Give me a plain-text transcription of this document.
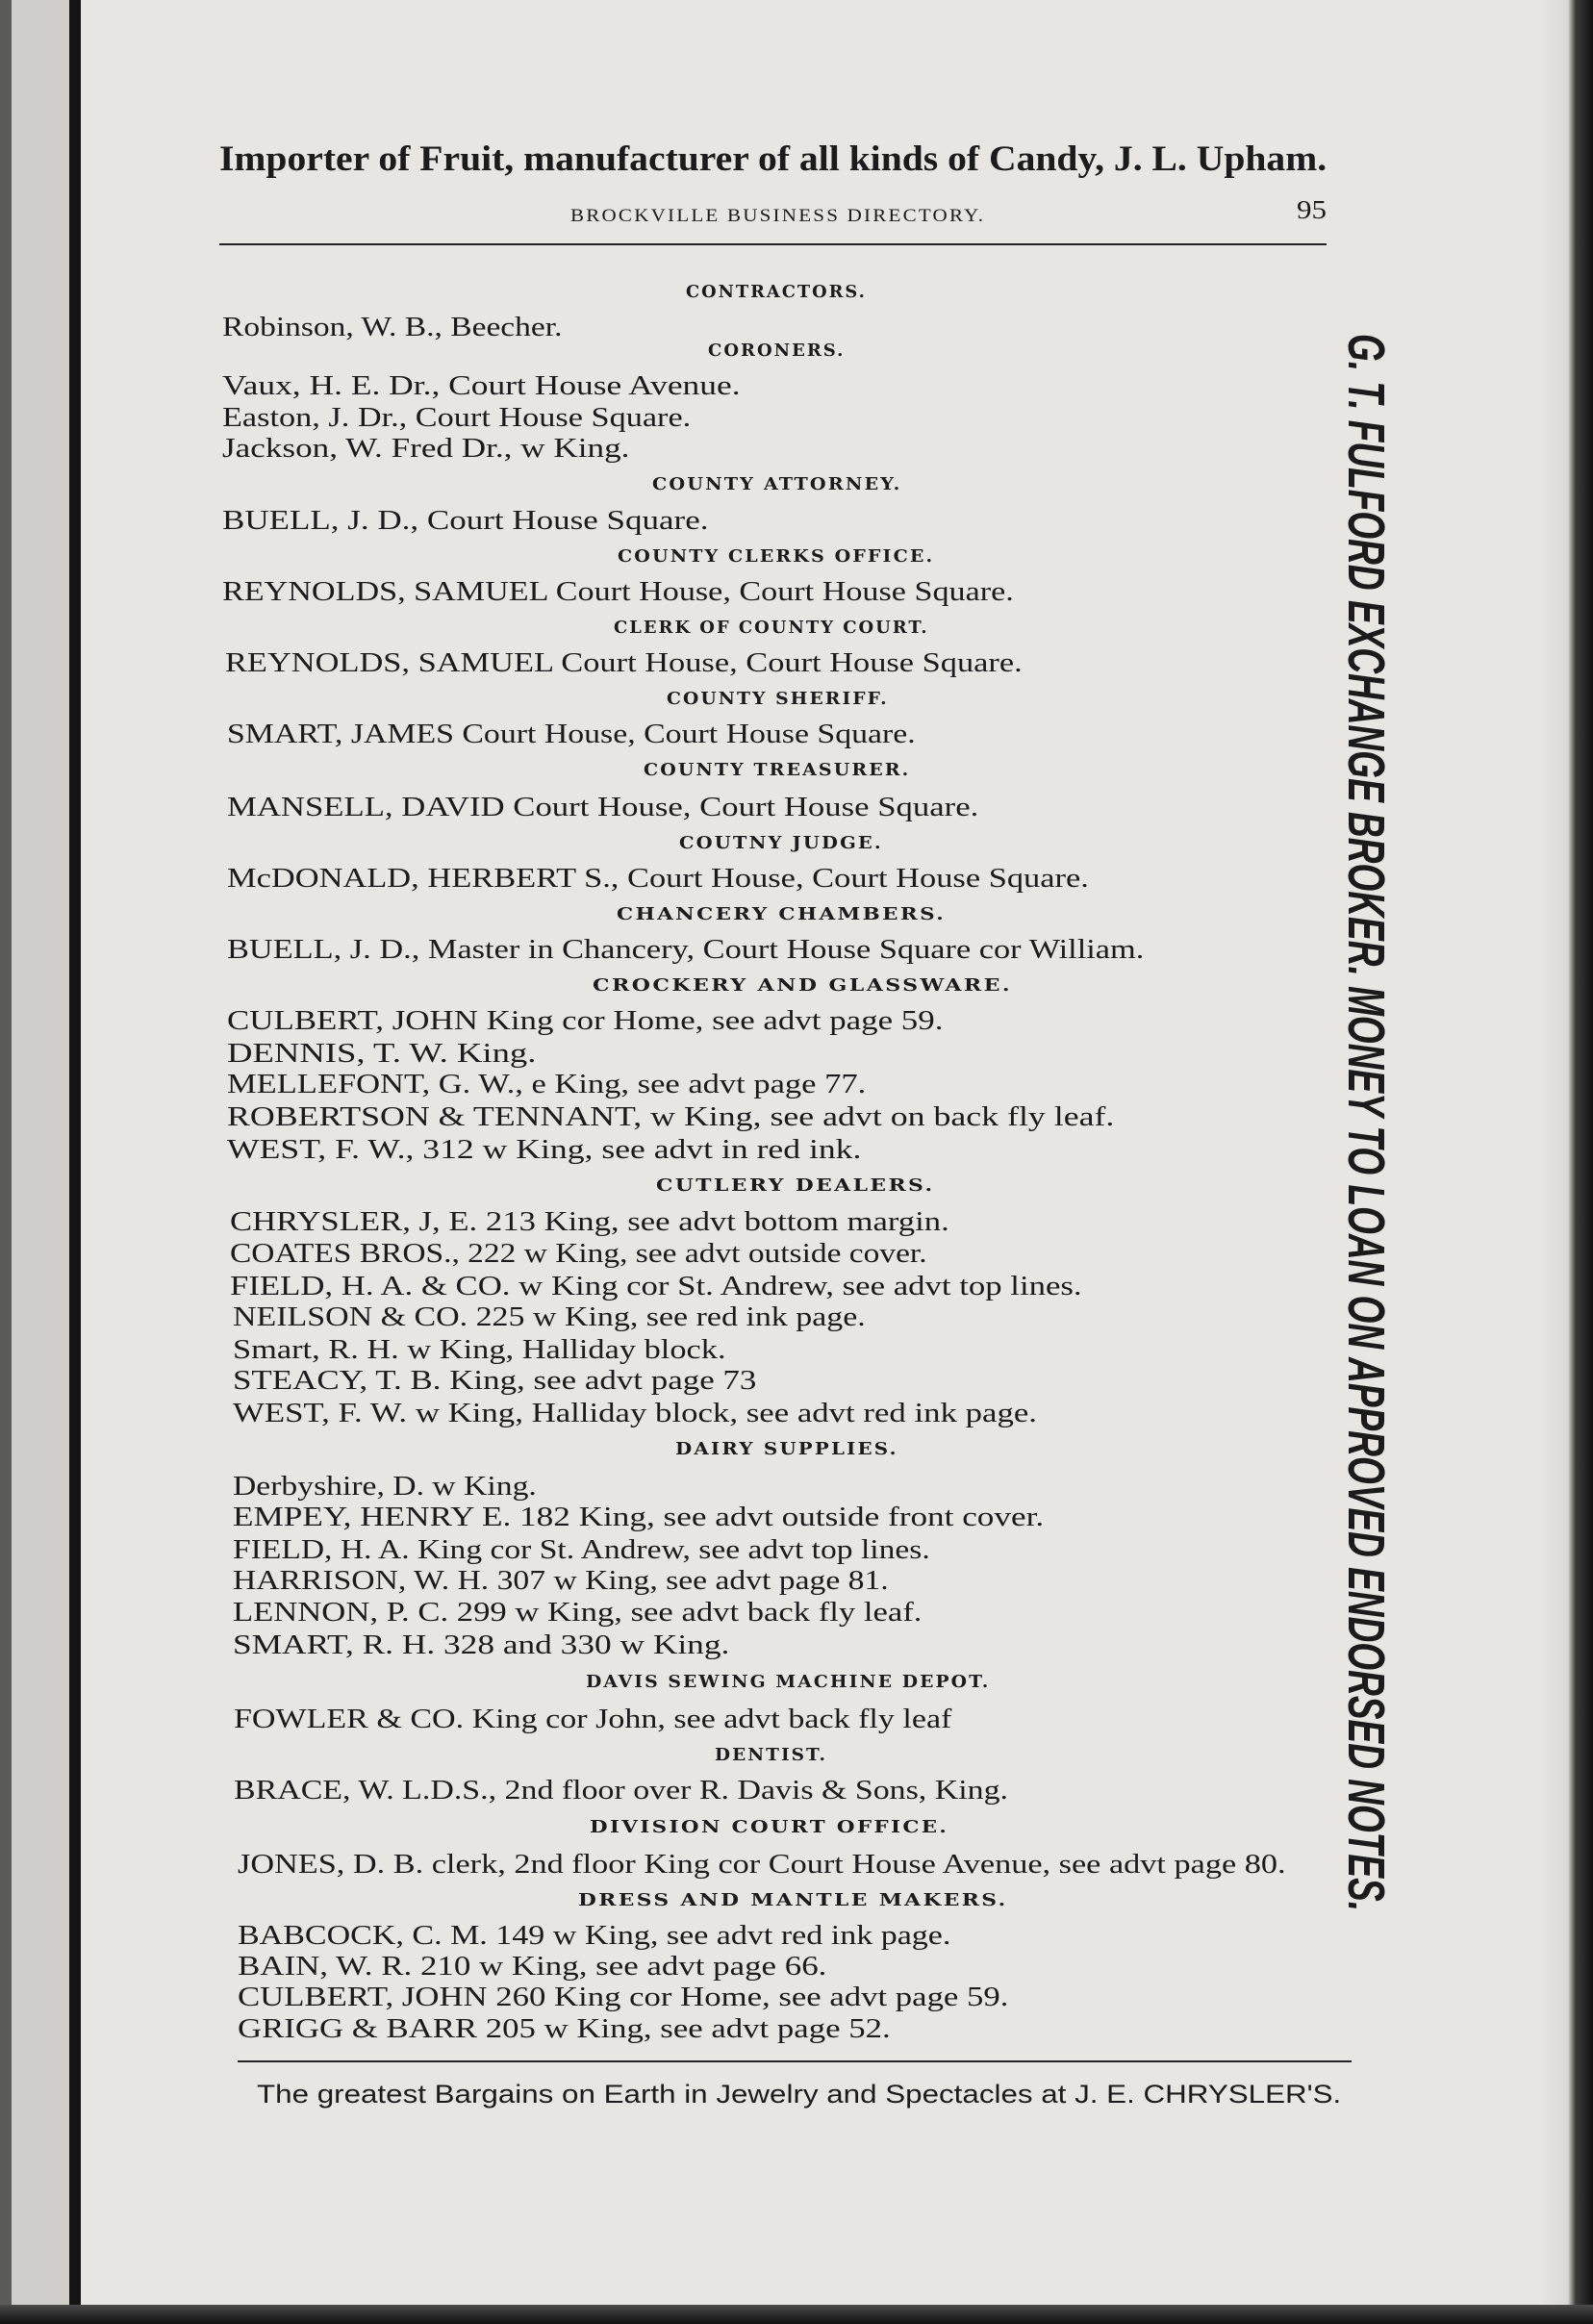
Importer of Fruit, manufacturer of all kinds of Candy, J. L. Upham.
BROCKVILLE BUSINESS DIRECTORY.	95
G. T. FULFORD EXCHANGE BROKER. MONEY TO LOAN ON APPROVED ENDORSED NOTES.
CONTRACTORS.
Robinson, W. B., Beecher.
CORONERS.
Vaux, H. E. Dr., Court House Avenue.
Easton, J. Dr., Court House Square.
Jackson, W. Fred Dr., w King.
COUNTY ATTORNEY.
BUELL, J. D., Court House Square.
COUNTY CLERKS OFFICE.
REYNOLDS, SAMUEL Court House, Court House Square.
CLERK OF COUNTY COURT.
REYNOLDS, SAMUEL Court House, Court House Square.
COUNTY SHERIFF.
SMART, JAMES Court House, Court House Square.
COUNTY TREASURER.
MANSELL, DAVID Court House, Court House Square.
COUTNY JUDGE.
McDONALD, HERBERT S., Court House, Court House Square.
CHANCERY CHAMBERS.
BUELL, J. D., Master in Chancery, Court House Square cor William.
CROCKERY AND GLASSWARE.
CULBERT, JOHN King cor Home, see advt page 59.
DENNIS, T. W. King.
MELLEFONT, G. W., e King, see advt page 77.
ROBERTSON & TENNANT, w King, see advt on back fly leaf.
WEST, F. W., 312 w King, see advt in red ink.
CUTLERY DEALERS.
CHRYSLER, J, E. 213 King, see advt bottom margin.
COATES BROS., 222 w King, see advt outside cover.
FIELD, H. A. & CO. w King cor St. Andrew, see advt top lines.
NEILSON & CO. 225 w King, see red ink page.
Smart, R. H. w King, Halliday block.
STEACY, T. B. King, see advt page 73
WEST, F. W. w King, Halliday block, see advt red ink page.
DAIRY SUPPLIES.
Derbyshire, D. w King.
EMPEY, HENRY E. 182 King, see advt outside front cover.
FIELD, H. A. King cor St. Andrew, see advt top lines.
HARRISON, W. H. 307 w King, see advt page 81.
LENNON, P. C. 299 w King, see advt back fly leaf.
SMART, R. H. 328 and 330 w King.
DAVIS SEWING MACHINE DEPOT.
FOWLER & CO. King cor John, see advt back fly leaf
DENTIST.
BRACE, W. L.D.S., 2nd floor over R. Davis & Sons, King.
DIVISION COURT OFFICE.
JONES, D. B. clerk, 2nd floor King cor Court House Avenue, see advt page 80.
DRESS AND MANTLE MAKERS.
BABCOCK, C. M. 149 w King, see advt red ink page.
BAIN, W. R. 210 w King, see advt page 66.
CULBERT, JOHN 260 King cor Home, see advt page 59.
GRIGG & BARR 205 w King, see advt page 52.
The greatest Bargains on Earth in Jewelry and Spectacles at J. E. CHRYSLER'S.
